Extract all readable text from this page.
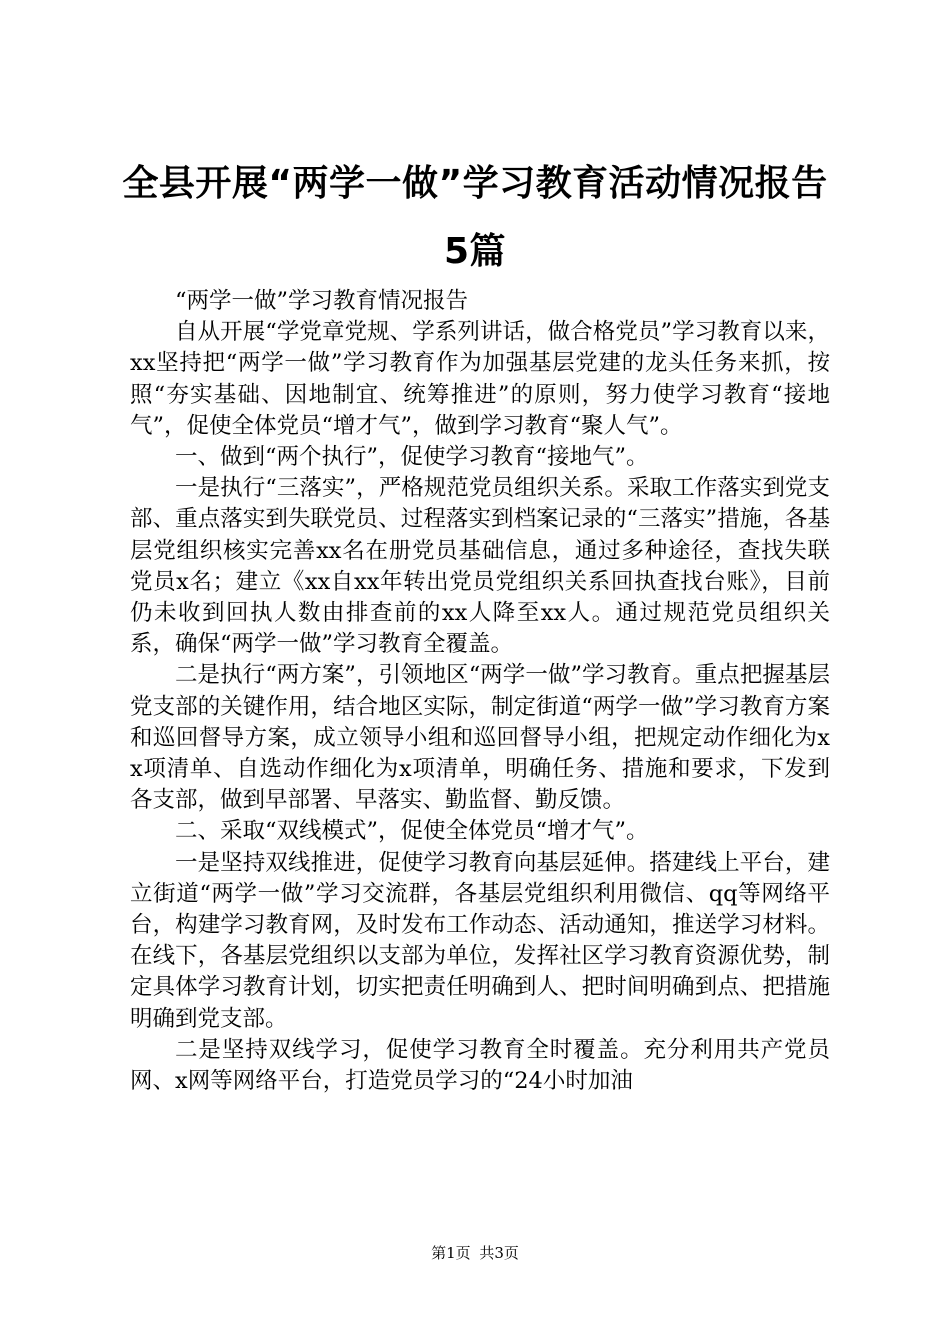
全县开展“两学一做”学习教育活动情况报告
5篇

“两学一做”学习教育情况报告

自从开展“学党章党规、学系列讲话，做合格党员”学习教育以来，xx坚持把“两学一做”学习教育作为加强基层党建的龙头任务来抓，按照“夯实基础、因地制宜、统筹推进”的原则，努力使学习教育“接地气”，促使全体党员“增才气”，做到学习教育“聚人气”。

一、做到“两个执行”，促使学习教育“接地气”。

一是执行“三落实”，严格规范党员组织关系。采取工作落实到党支部、重点落实到失联党员、过程落实到档案记录的“三落实”措施，各基层党组织核实完善xx名在册党员基础信息，通过多种途径，查找失联党员x名；建立《xx自xx年转出党员党组织关系回执查找台账》，目前仍未收到回执人数由排查前的xx人降至xx人。通过规范党员组织关系，确保“两学一做”学习教育全覆盖。

二是执行“两方案”，引领地区“两学一做”学习教育。重点把握基层党支部的关键作用，结合地区实际，制定街道“两学一做”学习教育方案和巡回督导方案，成立领导小组和巡回督导小组，把规定动作细化为xx项清单、自选动作细化为x项清单，明确任务、措施和要求，下发到各支部，做到早部署、早落实、勤监督、勤反馈。

二、采取“双线模式”，促使全体党员“增才气”。

一是坚持双线推进，促使学习教育向基层延伸。搭建线上平台，建立街道“两学一做”学习交流群，各基层党组织利用微信、qq等网络平台，构建学习教育网，及时发布工作动态、活动通知，推送学习材料。在线下，各基层党组织以支部为单位，发挥社区学习教育资源优势，制定具体学习教育计划，切实把责任明确到人、把时间明确到点、把措施明确到党支部。

二是坚持双线学习，促使学习教育全时覆盖。充分利用共产党员网、x网等网络平台，打造党员学习的“24小时加油

第1页 共3页
